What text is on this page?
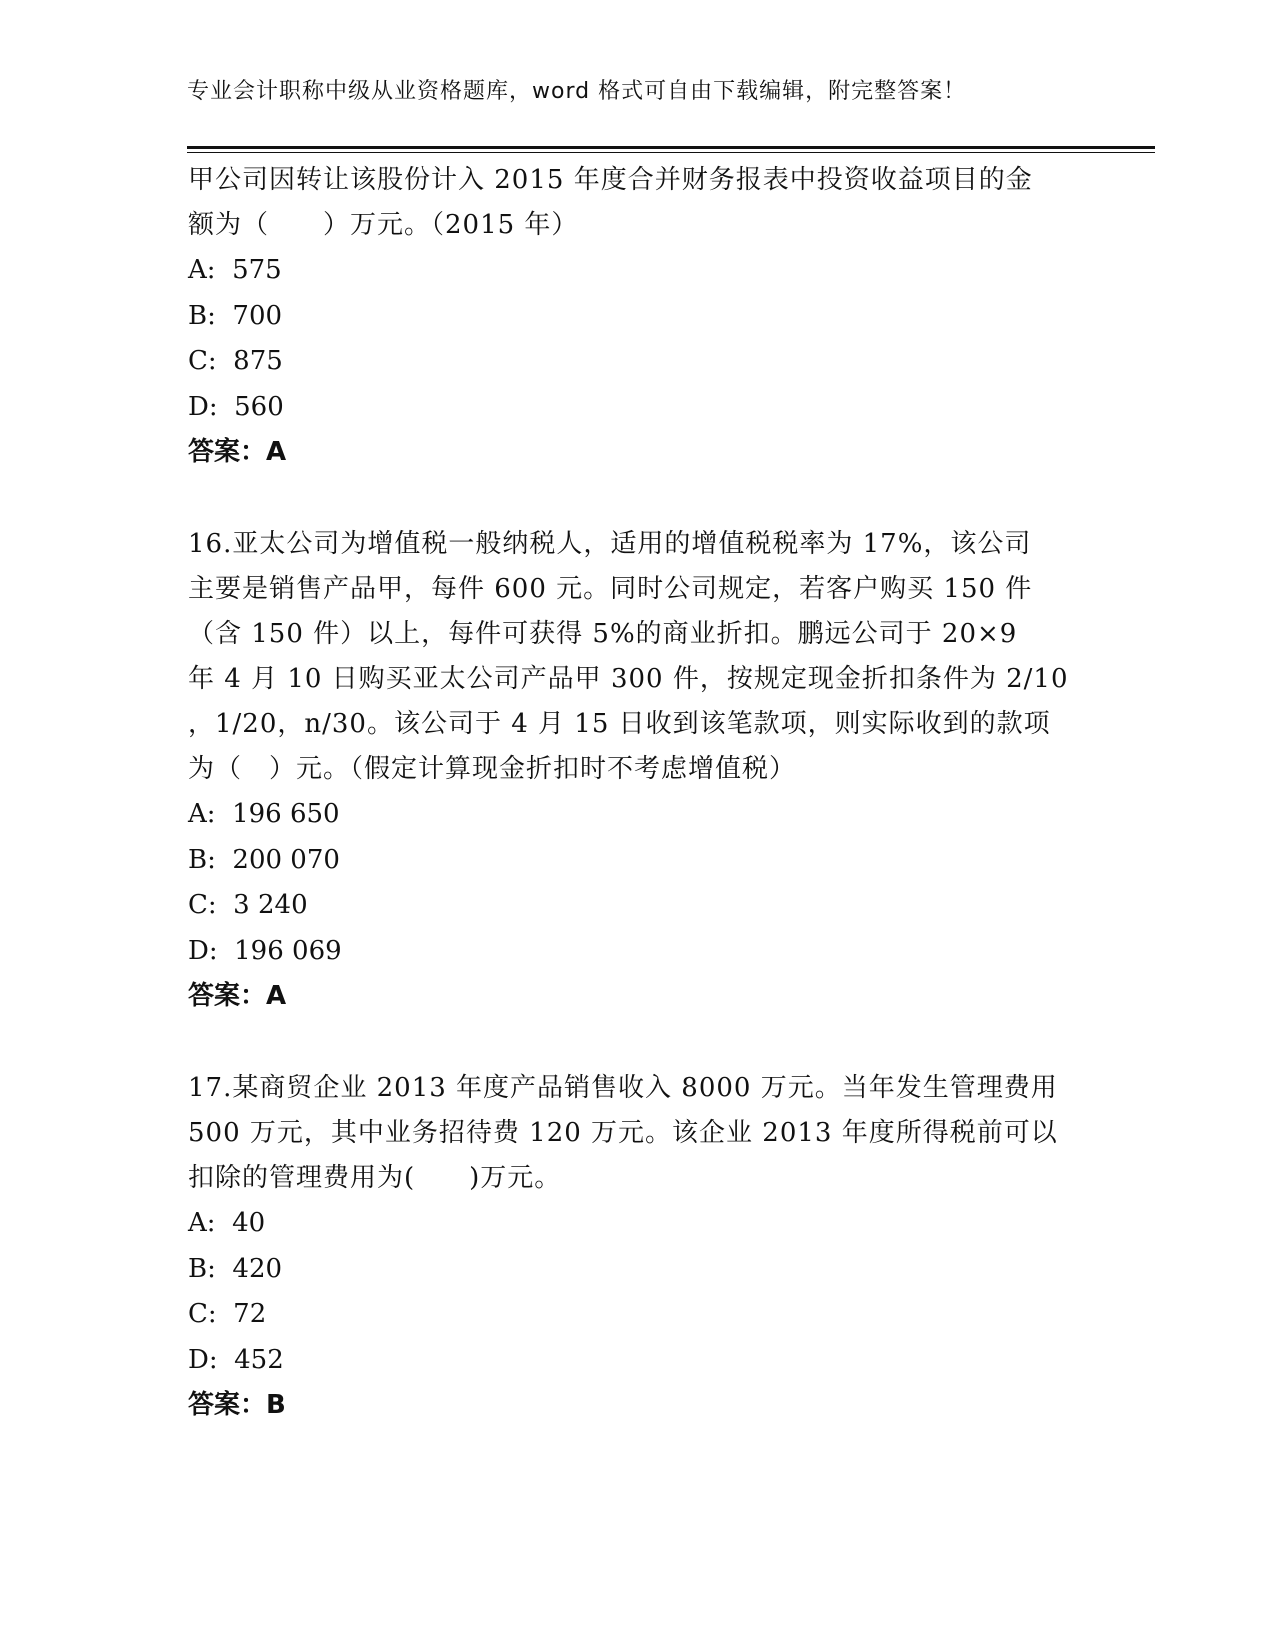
专业会计职称中级从业资格题库，word 格式可自由下载编辑，附完整答案！
甲公司因转让该股份计入 2015 年度合并财务报表中投资收益项目的金
额为（　　）万元。（2015 年）
A:  575
B:  700
C:  875
D:  560
答案：A
16.亚太公司为增值税一般纳税人，适用的增值税税率为 17%，该公司
主要是销售产品甲，每件 600 元。同时公司规定，若客户购买 150 件
（含 150 件）以上，每件可获得 5%的商业折扣。鹏远公司于 20×9
年 4 月 10 日购买亚太公司产品甲 300 件，按规定现金折扣条件为 2/10
，1/20，n/30。该公司于 4 月 15 日收到该笔款项，则实际收到的款项
为（　）元。（假定计算现金折扣时不考虑增值税）
A:  196 650
B:  200 070
C:  3 240
D:  196 069
答案：A
17.某商贸企业 2013 年度产品销售收入 8000 万元。当年发生管理费用
500 万元，其中业务招待费 120 万元。该企业 2013 年度所得税前可以
扣除的管理费用为(　　)万元。
A:  40
B:  420
C:  72
D:  452
答案：B
